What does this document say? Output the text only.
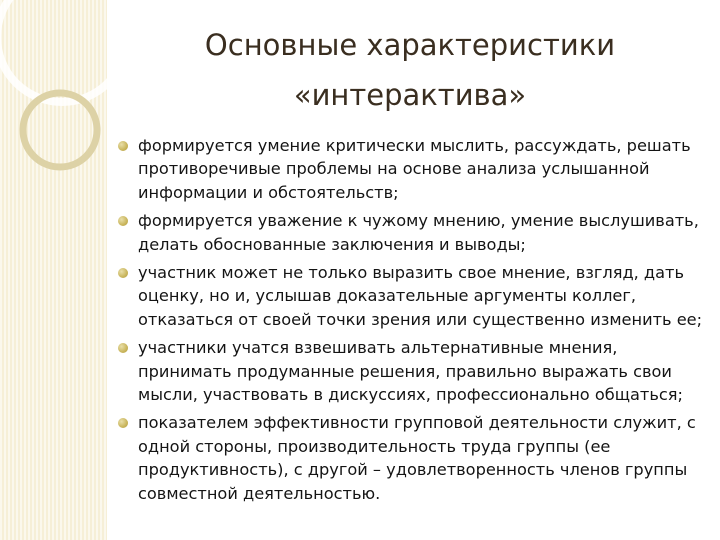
Основные характеристики
«интерактива»
формируется умение критически мыслить, рассуждать, решать противоречивые проблемы на основе анализа услышанной информации и обстоятельств;
формируется уважение к чужому мнению, умение выслушивать, делать обоснованные заключения и выводы;
участник может не только выразить свое мнение, взгляд, дать оценку, но и, услышав доказательные аргументы коллег, отказаться от своей точки зрения или существенно изменить ее;
участники учатся взвешивать альтернативные мнения, принимать продуманные решения, правильно выражать свои мысли, участвовать в дискуссиях, профессионально общаться;
показателем эффективности групповой деятельности служит, с одной стороны, производительность труда группы (ее продуктивность), с другой – удовлетворенность членов группы совместной деятельностью.
